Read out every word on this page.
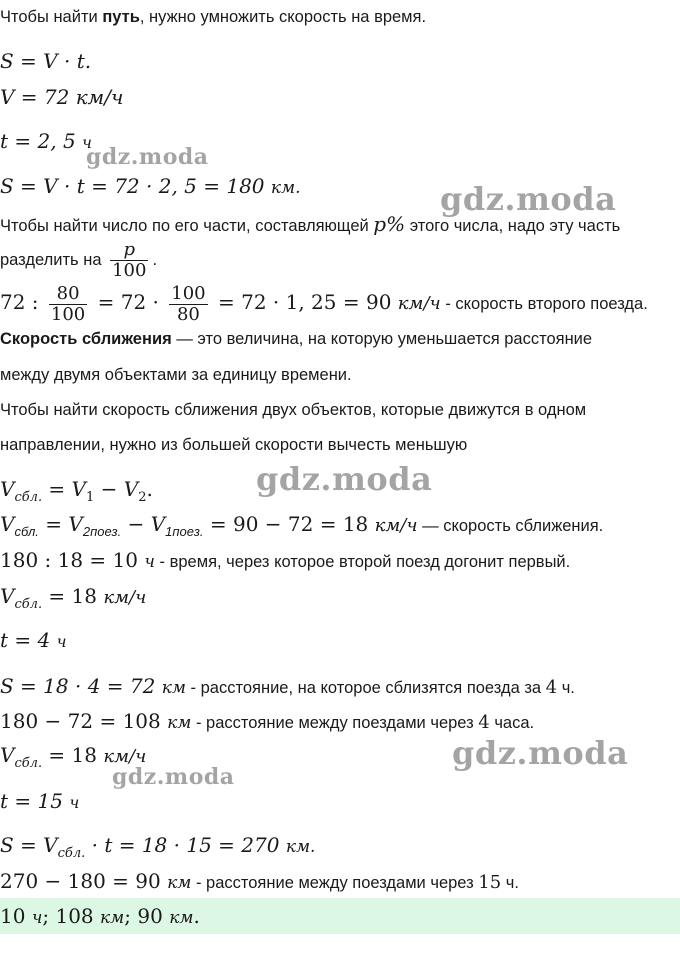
Чтобы найти путь, нужно умножить скорость на время.
S = V · t.
V = 72 км/ч
t = 2, 5 ч
S = V · t = 72 · 2, 5 = 180 км.
Чтобы найти число по его части, составляющей p% этого числа, надо эту часть
разделить на $\frac{p}{100}$ .
72 : $\frac{80}{100} = 72 \cdot \frac{100}{80} = 72 \cdot 1$, 25 = 90 км/ч - скорость второго поезда.
Скорость сближения — это величина, на которую уменьшается расстояние
между двумя объектами за единицу времени.
Чтобы найти скорость сближения двух объектов, которые движутся в одном
направлении, нужно из большей скорости вычесть меньшую
$V_{сбл.} = V_1 - V_2$.
$V_{сбл.} = V_{2поез.} - V_{1поез.} = 90 - 72 = 18$ км/ч — скорость сближения.
180 : 18 = 10 ч - время, через которое второй поезд догонит первый.
$V_{сбл.} = 18$ км/ч
t = 4 ч
S = 18 · 4 = 72 км - расстояние, на которое сблизятся поезда за 4 ч.
180 − 72 = 108 км - расстояние между поездами через 4 часа.
$V_{сбл.} = 18$ км/ч
t = 15 ч
$S = V_{сбл.} \cdot t = 18 \cdot 15 = 270$ км.
270 − 180 = 90 км - расстояние между поездами через 15 ч.
10 ч; 108 км; 90 км.
gdz.moda
gdz.moda
gdz.moda
gdz.moda
gdz.moda
